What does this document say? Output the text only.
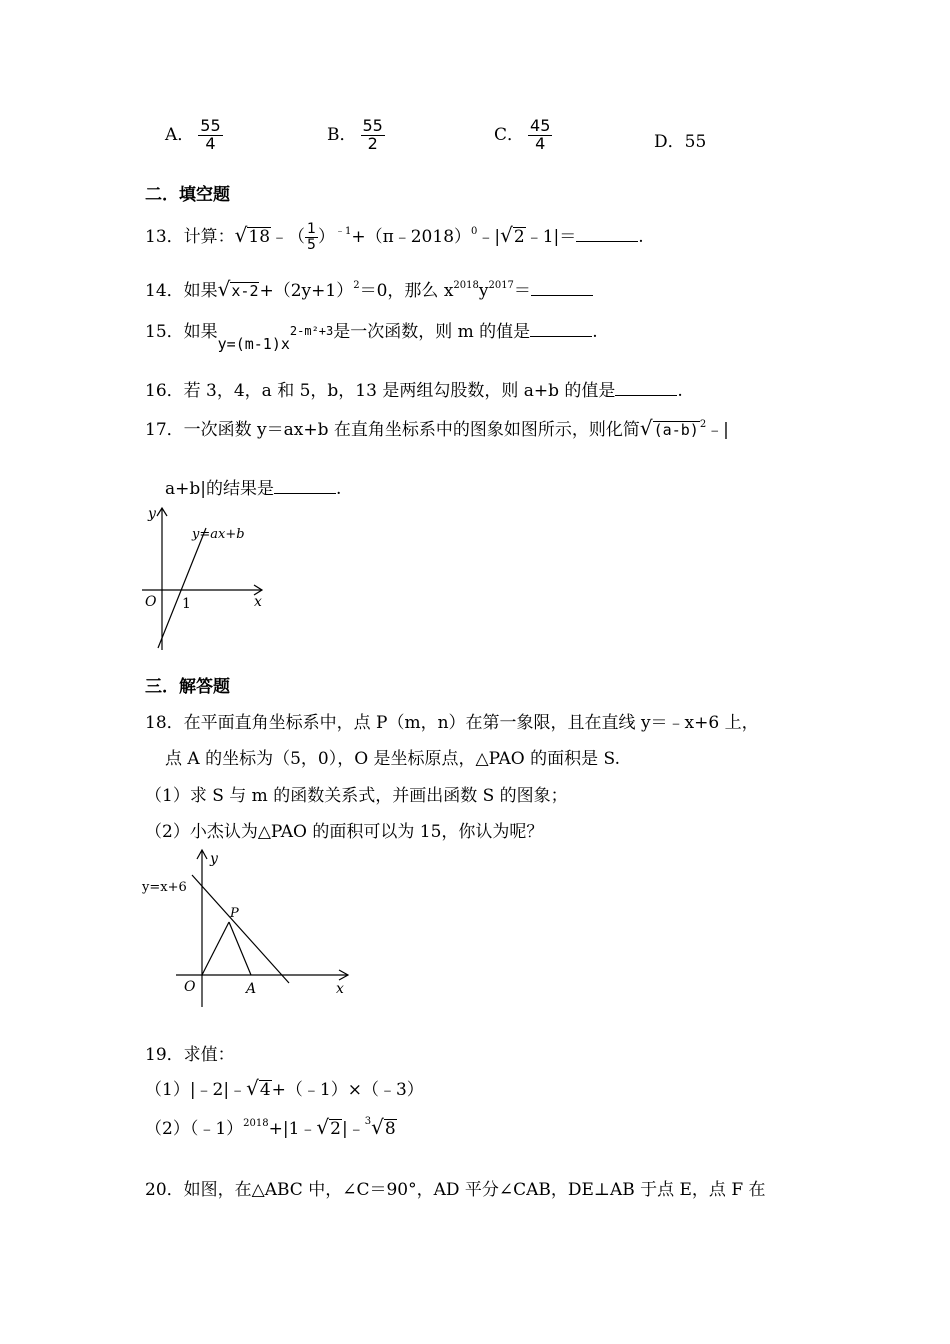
A． $\frac{55}{4}$	B． $\frac{55}{2}$	C． $\frac{45}{4}$	D．55
二．填空题
13．计算：√18﹣（ $\frac{1}{5}$ ）$^{﹣1}$+（π﹣2018）$^0$﹣|√2﹣1|＝	.
14．如果$√x-2+(2y+1)^2=0$，那么 $x^{2018}y^{2017}=$
15．如果y=(m-1)x2-m²+3是一次函数，则 m 的值是	.
16．若 3，4，a 和 5，b，13 是两组勾股数，则 a+b 的值是	.
17．一次函数 y＝ax+b 在直角坐标系中的图象如图所示，则化简$√(a-b)^2﹣|$
a+b|的结果是	.
y
x
O 1
y=ax+b
三．解答题
18．在平面直角坐标系中，点 P（m，n）在第一象限，且在直线 y＝﹣x+6 上，
点 A 的坐标为（5，0），O 是坐标原点，△PAO 的面积是 S.
（1）求 S 与 m 的函数关系式，并画出函数 S 的图象；
（2）小杰认为△PAO 的面积可以为 15，你认为呢？
y
x
O	A
P
y=x+6
19．求值：
（1）|﹣2|﹣√4+（﹣1）×（﹣3）
（2）（﹣1）$^{2018}$+|1﹣√2|﹣$^3$√8
20．如图，在△ABC 中，∠C＝90°，AD 平分∠CAB，DE⊥AB 于点 E，点 F 在
